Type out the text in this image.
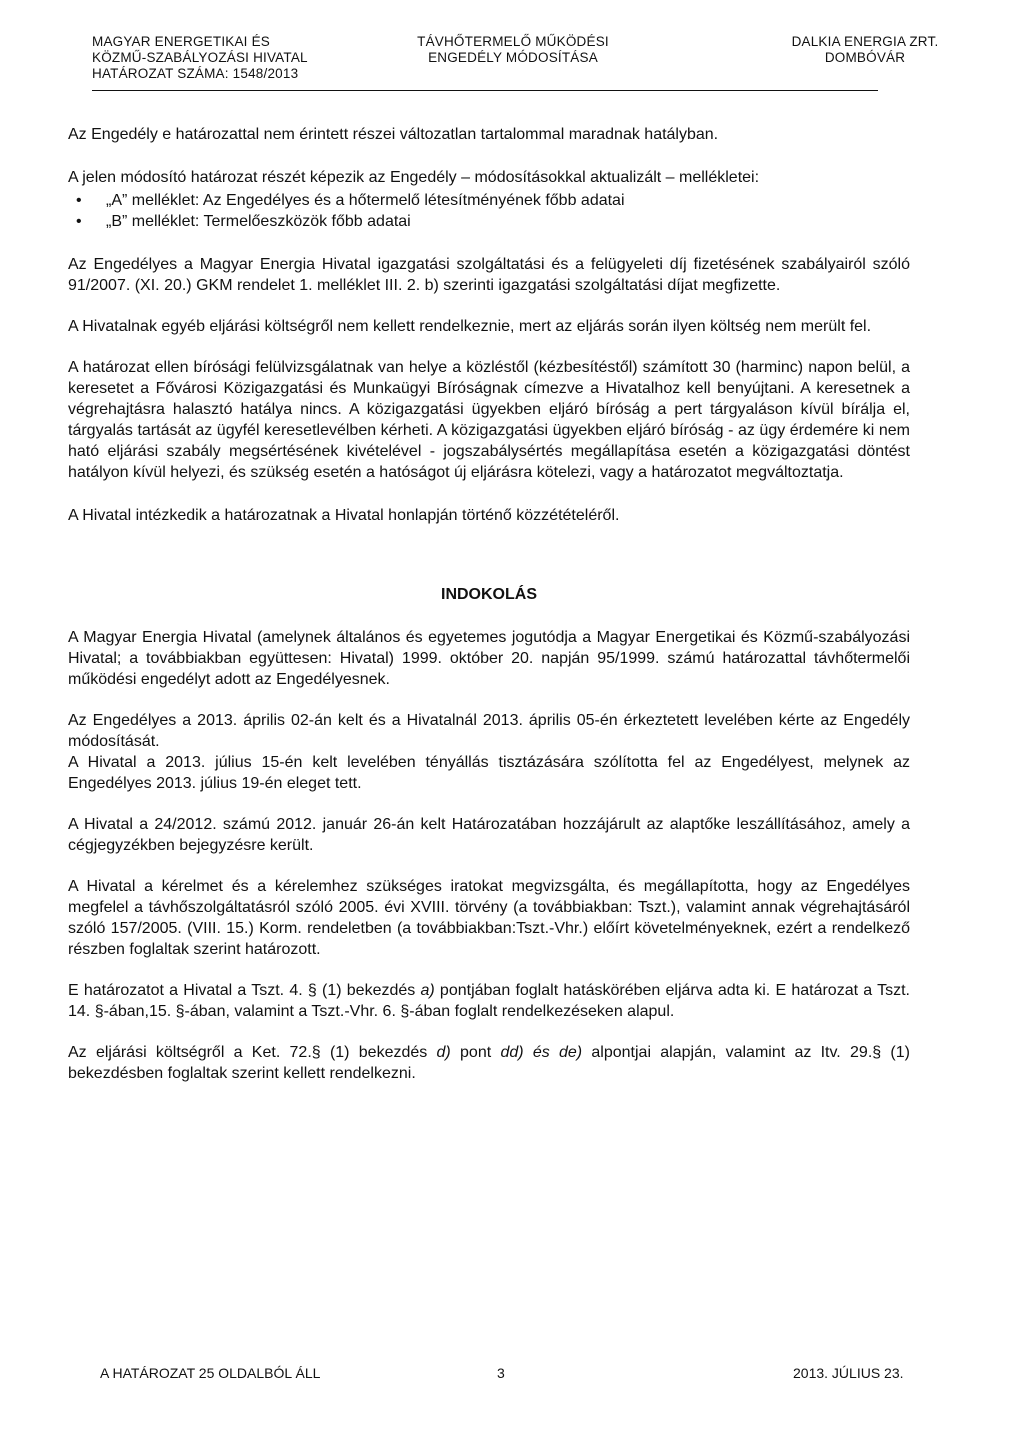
MAGYAR ENERGETIKAI ÉS
KÖZMŰ-SZABÁLYOZÁSI HIVATAL
HATÁROZAT SZÁMA: 1548/2013
TÁVHŐTERMELŐ MŰKÖDÉSI
ENGEDÉLY MÓDOSÍTÁSA
DALKIA ENERGIA ZRT.
DOMBÓVÁR

Az Engedély e határozattal nem érintett részei változatlan tartalommal maradnak hatályban.

A jelen módosító határozat részét képezik az Engedély – módosításokkal aktualizált – mellékletei:

• „A” melléklet: Az Engedélyes és a hőtermelő létesítményének főbb adatai
• „B” melléklet: Termelőeszközök főbb adatai

Az Engedélyes a Magyar Energia Hivatal igazgatási szolgáltatási és a felügyeleti díj fizetésének szabályairól szóló 91/2007. (XI. 20.) GKM rendelet 1. melléklet III. 2. b) szerinti igazgatási szolgáltatási díjat megfizette.

A Hivatalnak egyéb eljárási költségről nem kellett rendelkeznie, mert az eljárás során ilyen költség nem merült fel.

A határozat ellen bírósági felülvizsgálatnak van helye a közléstől (kézbesítéstől) számított 30 (harminc) napon belül, a keresetet a Fővárosi Közigazgatási és Munkaügyi Bíróságnak címezve a Hivatalhoz kell benyújtani. A keresetnek a végrehajtásra halasztó hatálya nincs. A közigazgatási ügyekben eljáró bíróság a pert tárgyaláson kívül bírálja el, tárgyalás tartását az ügyfél keresetlevélben kérheti. A közigazgatási ügyekben eljáró bíróság - az ügy érdemére ki nem ható eljárási szabály megsértésének kivételével - jogszabálysértés megállapítása esetén a közigazgatási döntést hatályon kívül helyezi, és szükség esetén a hatóságot új eljárásra kötelezi, vagy a határozatot megváltoztatja.

A Hivatal intézkedik a határozatnak a Hivatal honlapján történő közzétételéről.

INDOKOLÁS

A Magyar Energia Hivatal (amelynek általános és egyetemes jogutódja a Magyar Energetikai és Közmű-szabályozási Hivatal; a továbbiakban együttesen: Hivatal) 1999. október 20. napján 95/1999. számú határozattal távhőtermelői működési engedélyt adott az Engedélyesnek.

Az Engedélyes a 2013. április 02-án kelt és a Hivatalnál 2013. április 05-én érkeztetett levelében kérte az Engedély módosítását.

A Hivatal a 2013. július 15-én kelt levelében tényállás tisztázására szólította fel az Engedélyest, melynek az Engedélyes 2013. július 19-én eleget tett.

A Hivatal a 24/2012. számú 2012. január 26-án kelt Határozatában hozzájárult az alaptőke leszállításához, amely a cégjegyzékben bejegyzésre került.

A Hivatal a kérelmet és a kérelemhez szükséges iratokat megvizsgálta, és megállapította, hogy az Engedélyes megfelel a távhőszolgáltatásról szóló 2005. évi XVIII. törvény (a továbbiakban: Tszt.), valamint annak végrehajtásáról szóló 157/2005. (VIII. 15.) Korm. rendeletben (a továbbiakban:Tszt.-Vhr.) előírt követelményeknek, ezért a rendelkező részben foglaltak szerint határozott.

E határozatot a Hivatal a Tszt. 4. § (1) bekezdés a) pontjában foglalt hatáskörében eljárva adta ki. E határozat a Tszt. 14. §-ában,15. §-ában, valamint a Tszt.-Vhr. 6. §-ában foglalt rendelkezéseken alapul.

Az eljárási költségről a Ket. 72.§ (1) bekezdés d) pont dd) és de) alpontjai alapján, valamint az Itv. 29.§ (1) bekezdésben foglaltak szerint kellett rendelkezni.

A HATÁROZAT 25 OLDALBÓL ÁLL	3	2013. JÚLIUS 23.
